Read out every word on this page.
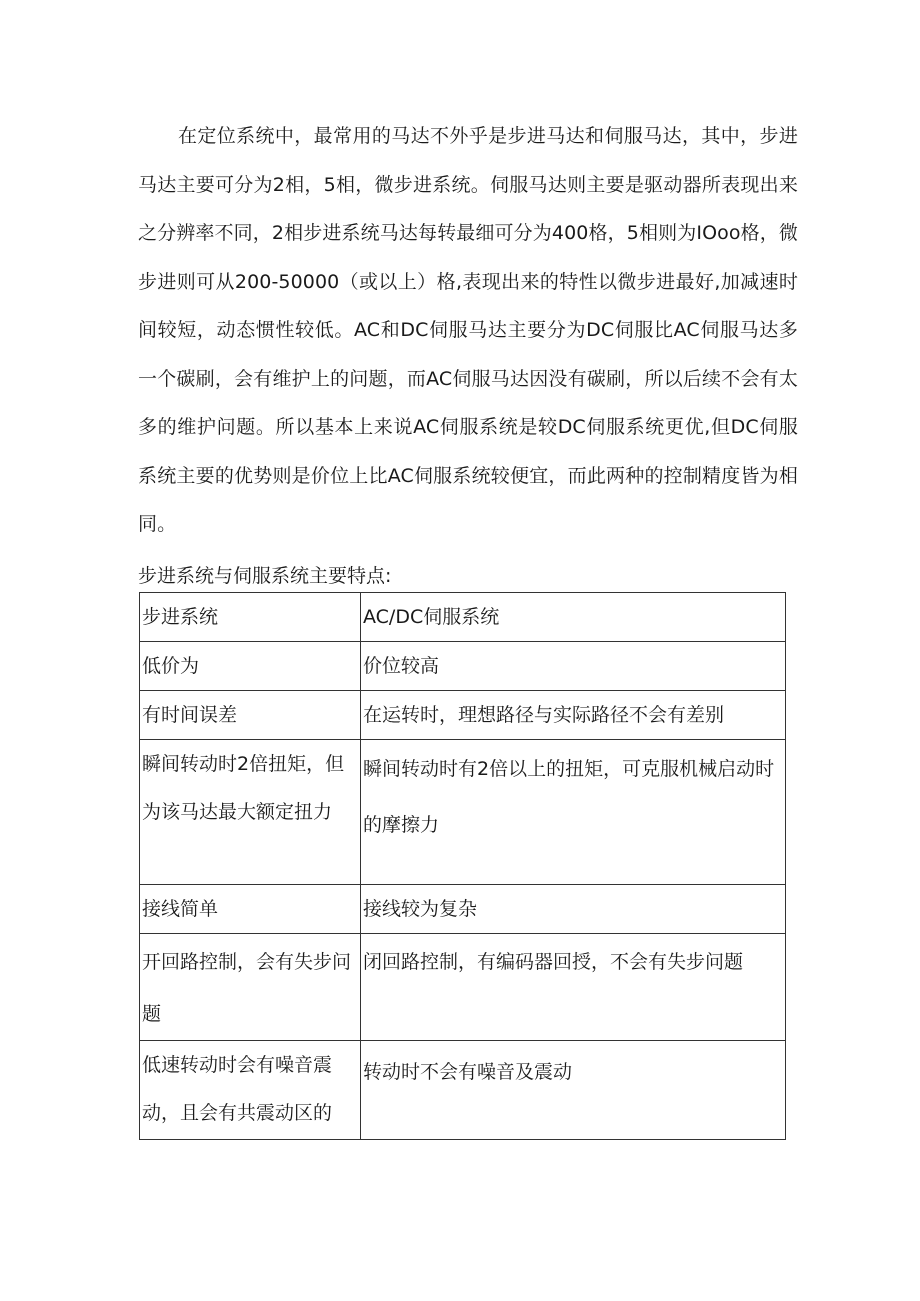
在定位系统中，最常用的马达不外乎是步进马达和伺服马达，其中，步进马达主要可分为2相，5相，微步进系统。伺服马达则主要是驱动器所表现出来之分辨率不同，2相步进系统马达每转最细可分为400格，5相则为IOoo格，微步进则可从200-50000（或以上）格,表现出来的特性以微步进最好,加减速时间较短，动态惯性较低。AC和DC伺服马达主要分为DC伺服比AC伺服马达多一个碳刷，会有维护上的问题，而AC伺服马达因没有碳刷，所以后续不会有太多的维护问题。所以基本上来说AC伺服系统是较DC伺服系统更优,但DC伺服系统主要的优势则是价位上比AC伺服系统较便宜，而此两种的控制精度皆为相同。

步进系统与伺服系统主要特点:
步进系统	AC/DC伺服系统
低价为	价位较高
有时间误差	在运转时，理想路径与实际路径不会有差别
瞬间转动时2倍扭矩，但为该马达最大额定扭力	瞬间转动时有2倍以上的扭矩，可克服机械启动时的摩擦力
接线简单	接线较为复杂
开回路控制，会有失步问题	闭回路控制，有编码器回授，不会有失步问题
低速转动时会有噪音震动，且会有共震动区的	转动时不会有噪音及震动
